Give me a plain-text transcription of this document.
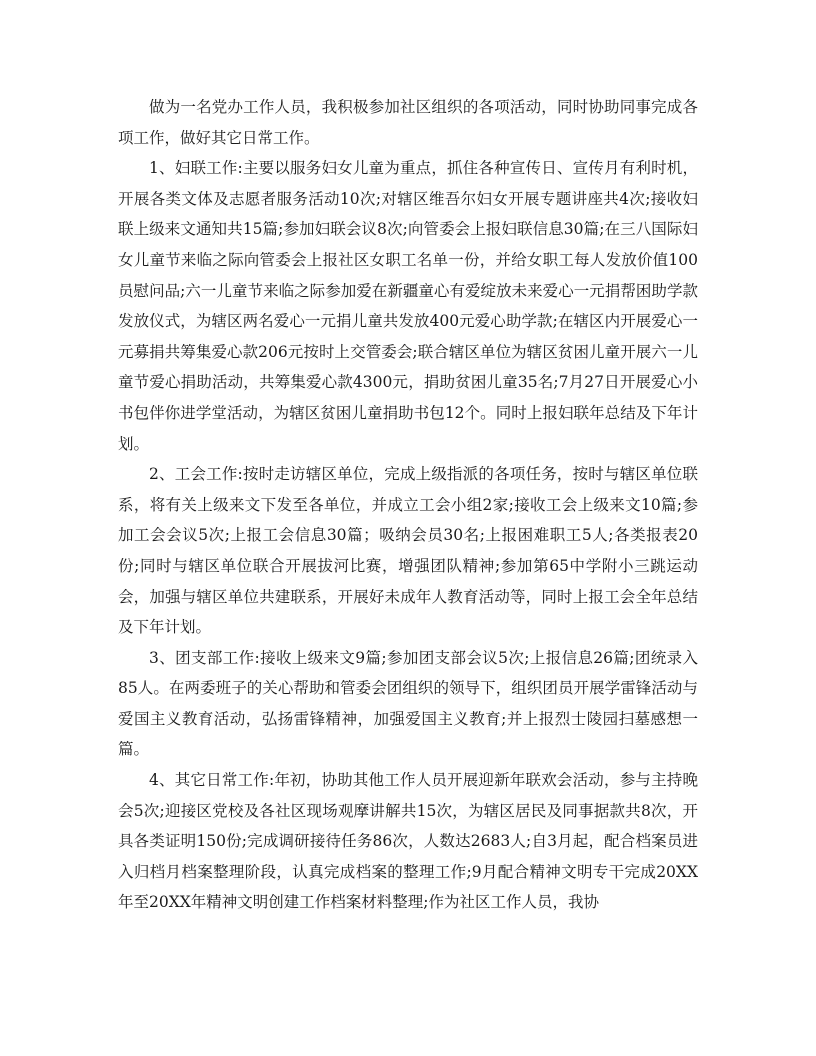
做为一名党办工作人员，我积极参加社区组织的各项活动，同时协助同事完成各项工作，做好其它日常工作。

1、妇联工作:主要以服务妇女儿童为重点，抓住各种宣传日、宣传月有利时机，开展各类文体及志愿者服务活动10次;对辖区维吾尔妇女开展专题讲座共4次;接收妇联上级来文通知共15篇;参加妇联会议8次;向管委会上报妇联信息30篇;在三八国际妇女儿童节来临之际向管委会上报社区女职工名单一份，并给女职工每人发放价值100员慰问品;六一儿童节来临之际参加爱在新疆童心有爱绽放未来爱心一元捐帮困助学款发放仪式，为辖区两名爱心一元捐儿童共发放400元爱心助学款;在辖区内开展爱心一元募捐共筹集爱心款206元按时上交管委会;联合辖区单位为辖区贫困儿童开展六一儿童节爱心捐助活动，共筹集爱心款4300元，捐助贫困儿童35名;7月27日开展爱心小书包伴你进学堂活动，为辖区贫困儿童捐助书包12个。同时上报妇联年总结及下年计划。

2、工会工作:按时走访辖区单位，完成上级指派的各项任务，按时与辖区单位联系，将有关上级来文下发至各单位，并成立工会小组2家;接收工会上级来文10篇;参加工会会议5次;上报工会信息30篇；吸纳会员30名;上报困难职工5人;各类报表20份;同时与辖区单位联合开展拔河比赛，增强团队精神;参加第65中学附小三跳运动会，加强与辖区单位共建联系，开展好未成年人教育活动等，同时上报工会全年总结及下年计划。

3、团支部工作:接收上级来文9篇;参加团支部会议5次;上报信息26篇;团统录入85人。在两委班子的关心帮助和管委会团组织的领导下，组织团员开展学雷锋活动与爱国主义教育活动，弘扬雷锋精神，加强爱国主义教育;并上报烈士陵园扫墓感想一篇。

4、其它日常工作:年初，协助其他工作人员开展迎新年联欢会活动，参与主持晚会5次;迎接区党校及各社区现场观摩讲解共15次，为辖区居民及同事据款共8次，开具各类证明150份;完成调研接待任务86次，人数达2683人;自3月起，配合档案员进入归档月档案整理阶段，认真完成档案的整理工作;9月配合精神文明专干完成20XX年至20XX年精神文明创建工作档案材料整理;作为社区工作人员，我协
